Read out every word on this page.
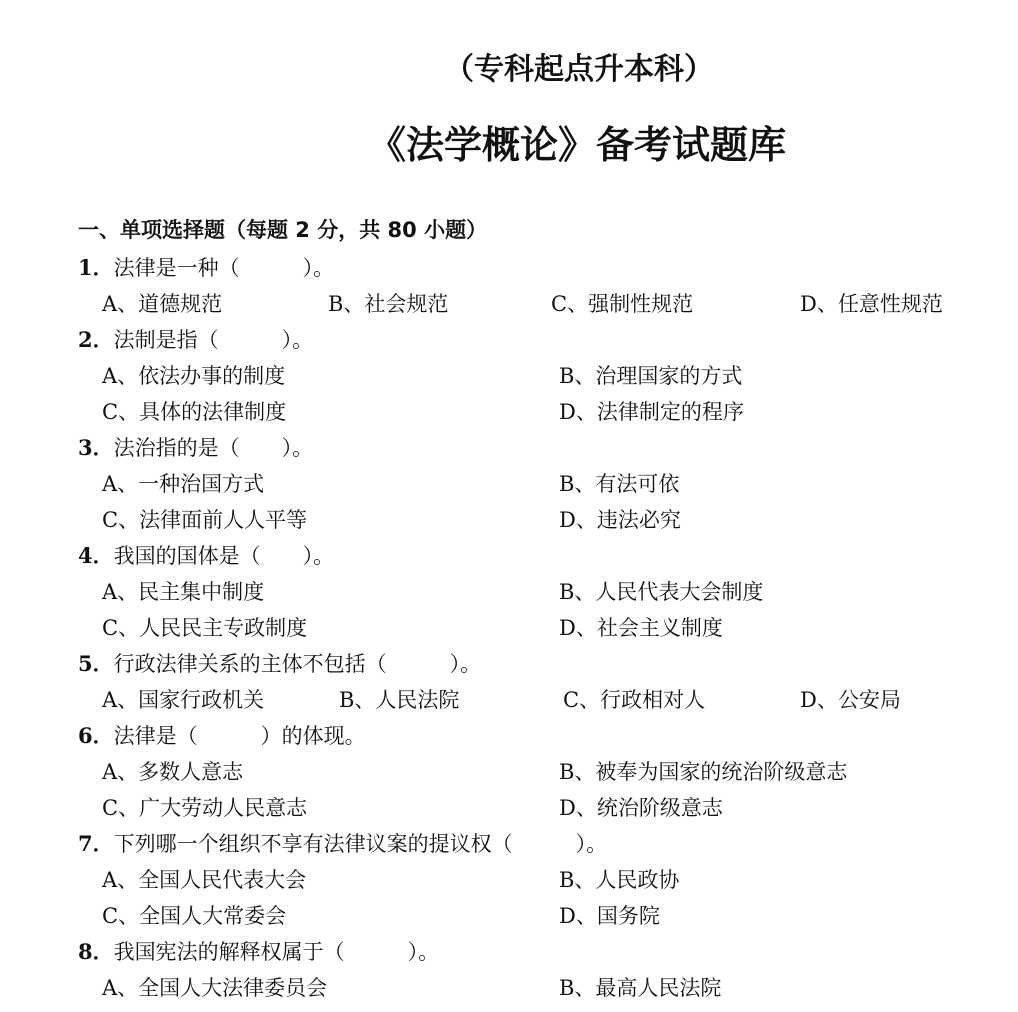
（专科起点升本科）
《法学概论》备考试题库
一、单项选择题（每题 2 分，共 80 小题）
1．法律是一种（　　　）。
A、道德规范	B、社会规范	C、强制性规范	D、任意性规范
2．法制是指（　　　）。
A、依法办事的制度	B、治理国家的方式
C、具体的法律制度	D、法律制定的程序
3．法治指的是（　　）。
A、一种治国方式	B、有法可依
C、法律面前人人平等	D、违法必究
4．我国的国体是（　　）。
A、民主集中制度	B、人民代表大会制度
C、人民民主专政制度	D、社会主义制度
5．行政法律关系的主体不包括（　　　）。
A、国家行政机关	B、人民法院	C、行政相对人	D、公安局
6．法律是（　　　）的体现。
A、多数人意志	B、被奉为国家的统治阶级意志
C、广大劳动人民意志	D、统治阶级意志
7．下列哪一个组织不享有法律议案的提议权（　　　）。
A、全国人民代表大会	B、人民政协
C、全国人大常委会	D、国务院
8．我国宪法的解释权属于（　　　）。
A、全国人大法律委员会	B、最高人民法院
